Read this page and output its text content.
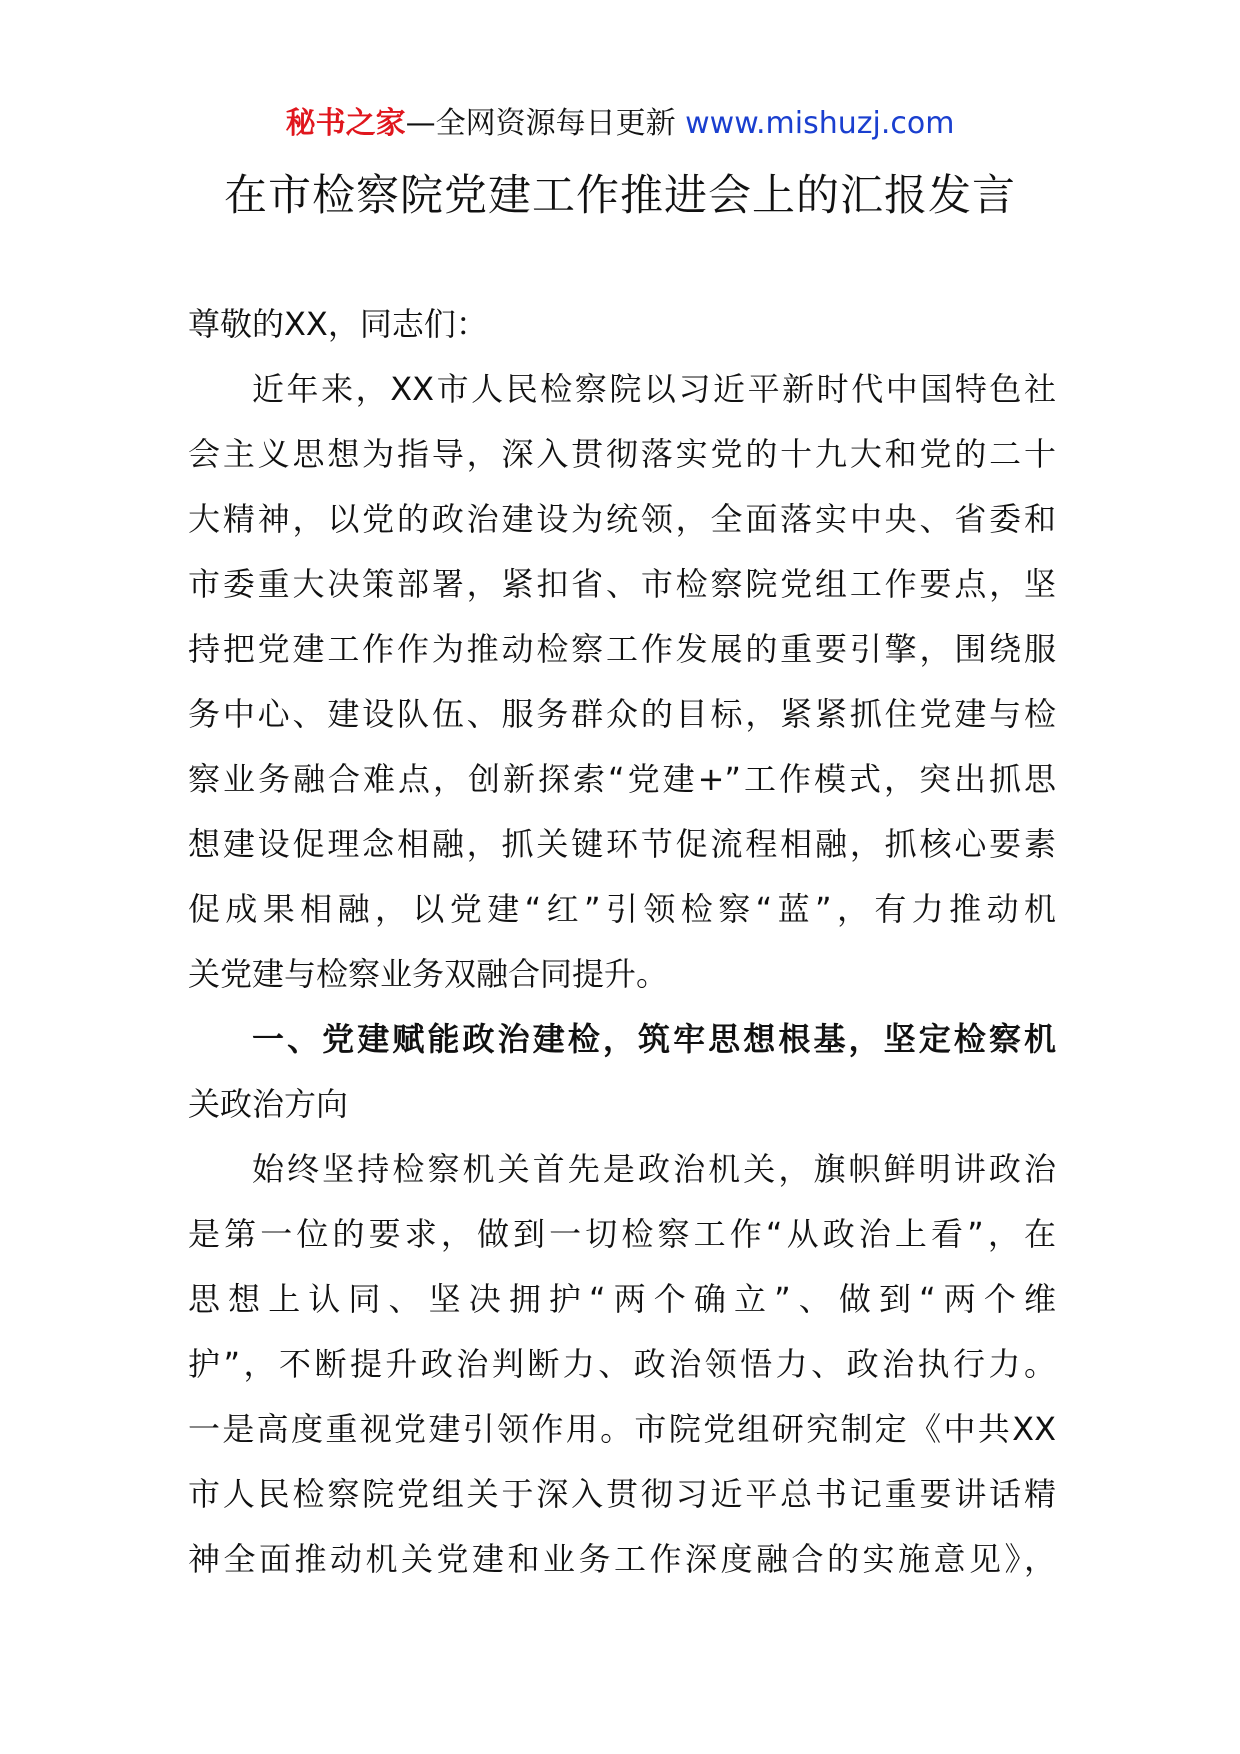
秘书之家—全网资源每日更新 www.mishuzj.com
在市检察院党建工作推进会上的汇报发言
尊敬的XX，同志们：
近年来，XX市人民检察院以习近平新时代中国特色社
会主义思想为指导，深入贯彻落实党的十九大和党的二十
大精神，以党的政治建设为统领，全面落实中央、省委和
市委重大决策部署，紧扣省、市检察院党组工作要点，坚
持把党建工作作为推动检察工作发展的重要引擎，围绕服
务中心、建设队伍、服务群众的目标，紧紧抓住党建与检
察业务融合难点，创新探索“党建+”工作模式，突出抓思
想建设促理念相融，抓关键环节促流程相融，抓核心要素
促成果相融，以党建“红”引领检察“蓝”，有力推动机
关党建与检察业务双融合同提升。
一、党建赋能政治建检，筑牢思想根基，坚定检察机
关政治方向
始终坚持检察机关首先是政治机关，旗帜鲜明讲政治
是第一位的要求，做到一切检察工作“从政治上看”，在
思想上认同、坚决拥护“两个确立”、做到“两个维
护”，不断提升政治判断力、政治领悟力、政治执行力。
一是高度重视党建引领作用。市院党组研究制定《中共XX
市人民检察院党组关于深入贯彻习近平总书记重要讲话精
神全面推动机关党建和业务工作深度融合的实施意见》，
